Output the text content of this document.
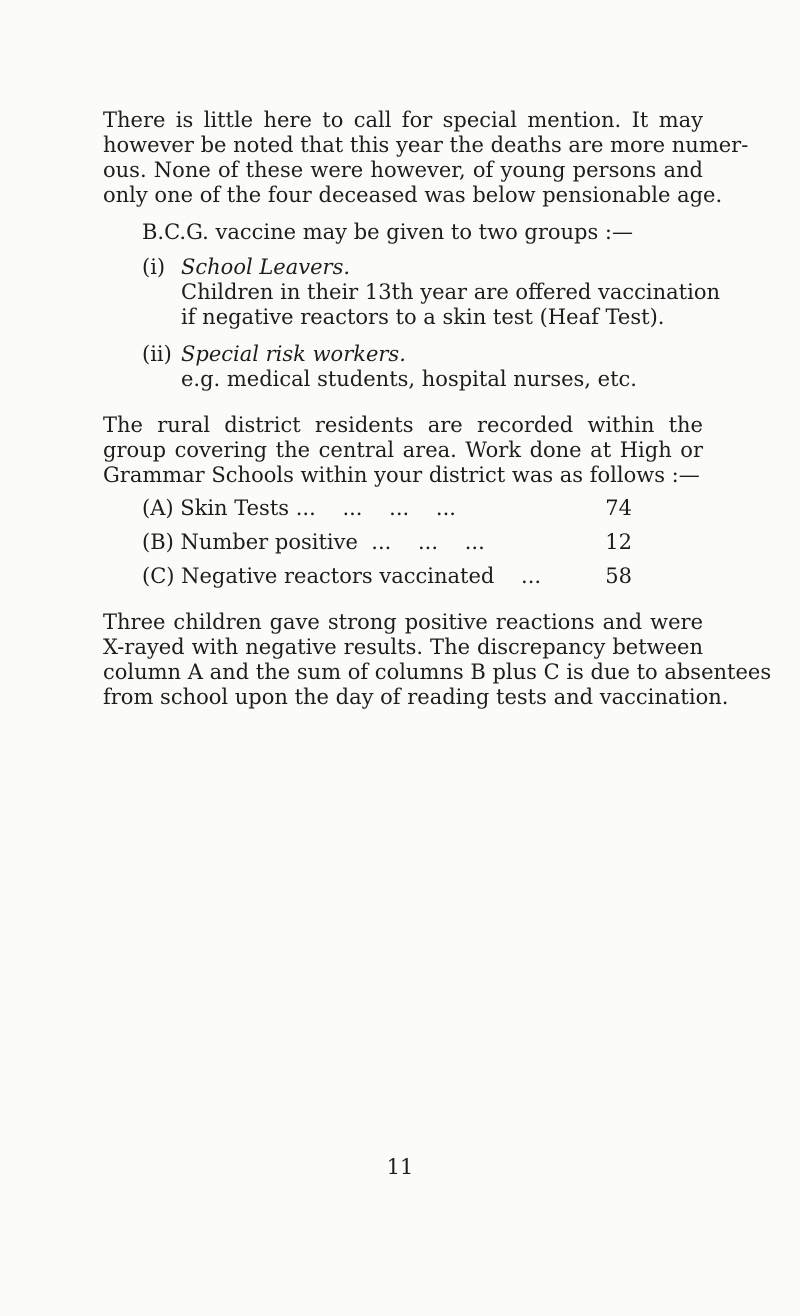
There is little here to call for special mention. It may
however be noted that this year the deaths are more numer-
ous. None of these were however, of young persons and
only one of the four deceased was below pensionable age.
B.C.G. vaccine may be given to two groups :—
(i) School Leavers.
Children in their 13th year are offered vaccination
if negative reactors to a skin test (Heaf Test).
(ii) Special risk workers.
e.g. medical students, hospital nurses, etc.
The rural district residents are recorded within the
group covering the central area. Work done at High or
Grammar Schools within your district was as follows :—
(A) Skin Tests ...    ...    ...    ...	74
(B) Number positive  ...    ...    ...	12
(C) Negative reactors vaccinated    ...	58
Three children gave strong positive reactions and were
X-rayed with negative results. The discrepancy between
column A and the sum of columns B plus C is due to absentees
from school upon the day of reading tests and vaccination.
11
